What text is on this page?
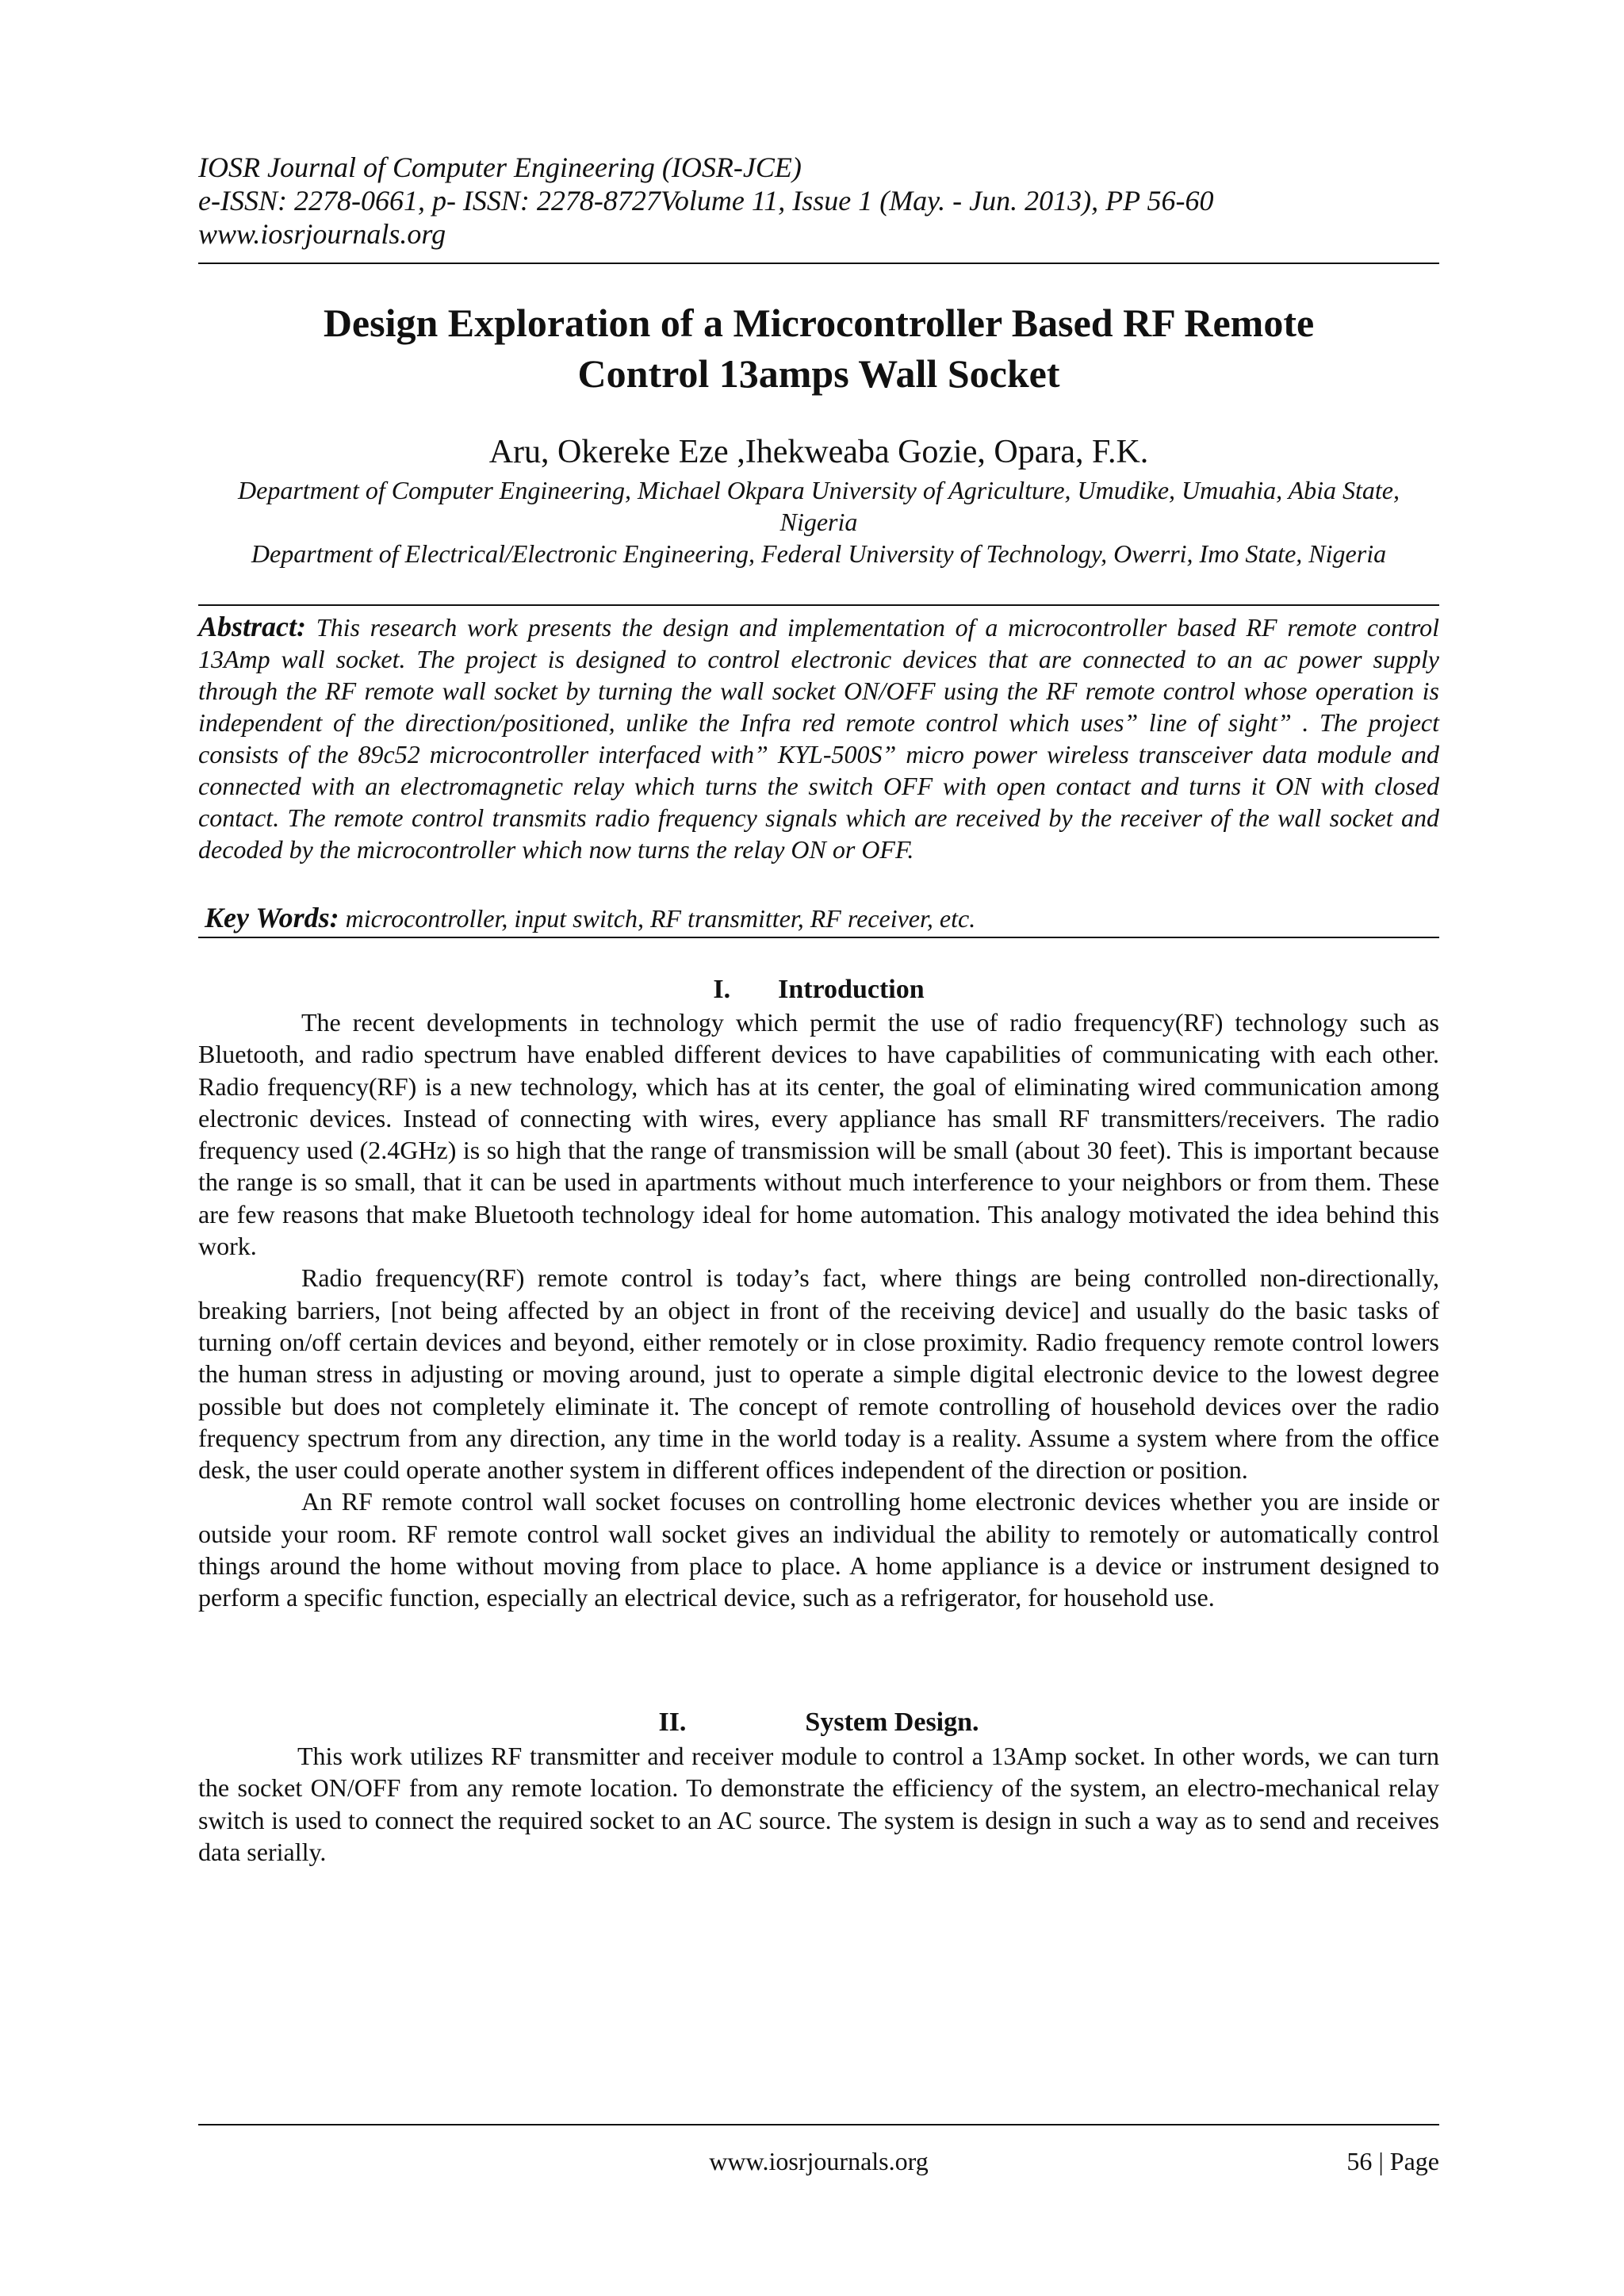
IOSR Journal of Computer Engineering (IOSR-JCE)
e-ISSN: 2278-0661, p- ISSN: 2278-8727Volume 11, Issue 1 (May. - Jun. 2013), PP 56-60
www.iosrjournals.org
Design Exploration of a Microcontroller Based RF Remote
Control 13amps Wall Socket
Aru, Okereke Eze ,Ihekweaba Gozie, Opara, F.K.
Department of Computer Engineering, Michael Okpara University of Agriculture, Umudike, Umuahia, Abia State, Nigeria
Department of Electrical/Electronic Engineering, Federal University of Technology, Owerri, Imo State, Nigeria
Abstract: This research work presents the design and implementation of a microcontroller based RF remote control 13Amp wall socket. The project is designed to control electronic devices that are connected to an ac power supply through the RF remote wall socket by turning the wall socket ON/OFF using the RF remote control whose operation is independent of the direction/positioned, unlike the Infra red remote control which uses” line of sight” . The project consists of the 89c52 microcontroller interfaced with” KYL-500S” micro power wireless transceiver data module and connected with an electromagnetic relay which turns the switch OFF with open contact and turns it ON with closed contact. The remote control transmits radio frequency signals which are received by the receiver of the wall socket and decoded by the microcontroller which now turns the relay ON or OFF.
Key Words: microcontroller, input switch, RF transmitter, RF receiver, etc.
I. Introduction

The recent developments in technology which permit the use of radio frequency(RF) technology such as Bluetooth, and radio spectrum have enabled different devices to have capabilities of communicating with each other. Radio frequency(RF) is a new technology, which has at its center, the goal of eliminating wired communication among electronic devices. Instead of connecting with wires, every appliance has small RF transmitters/receivers. The radio frequency used (2.4GHz) is so high that the range of transmission will be small (about 30 feet). This is important because the range is so small, that it can be used in apartments without much interference to your neighbors or from them. These are few reasons that make Bluetooth technology ideal for home automation. This analogy motivated the idea behind this work.

Radio frequency(RF) remote control is today’s fact, where things are being controlled non-directionally, breaking barriers, [not being affected by an object in front of the receiving device] and usually do the basic tasks of turning on/off certain devices and beyond, either remotely or in close proximity. Radio frequency remote control lowers the human stress in adjusting or moving around, just to operate a simple digital electronic device to the lowest degree possible but does not completely eliminate it. The concept of remote controlling of household devices over the radio frequency spectrum from any direction, any time in the world today is a reality. Assume a system where from the office desk, the user could operate another system in different offices independent of the direction or position.

An RF remote control wall socket focuses on controlling home electronic devices whether you are inside or outside your room. RF remote control wall socket gives an individual the ability to remotely or automatically control things around the home without moving from place to place. A home appliance is a device or instrument designed to perform a specific function, especially an electrical device, such as a refrigerator, for household use.

II.	System Design.

This work utilizes RF transmitter and receiver module to control a 13Amp socket. In other words, we can turn the socket ON/OFF from any remote location. To demonstrate the efficiency of the system, an electro-mechanical relay switch is used to connect the required socket to an AC source. The system is design in such a way as to send and receives data serially.

www.iosrjournals.org	56 | Page
